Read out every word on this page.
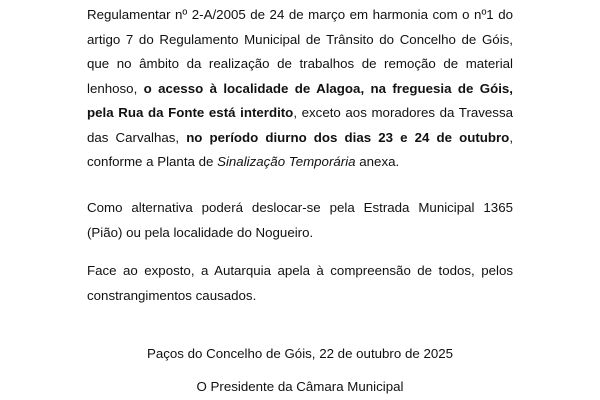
Regulamentar nº 2-A/2005 de 24 de março em harmonia com o nº1 do artigo 7 do Regulamento Municipal de Trânsito do Concelho de Góis, que no âmbito da realização de trabalhos de remoção de material lenhoso, o acesso à localidade de Alagoa, na freguesia de Góis, pela Rua da Fonte está interdito, exceto aos moradores da Travessa das Carvalhas, no período diurno dos dias 23 e 24 de outubro, conforme a Planta de Sinalização Temporária anexa.

Como alternativa poderá deslocar-se pela Estrada Municipal 1365 (Pião) ou pela localidade do Nogueiro.

Face ao exposto, a Autarquia apela à compreensão de todos, pelos constrangimentos causados.

Paços do Concelho de Góis, 22 de outubro de 2025

O Presidente da Câmara Municipal
